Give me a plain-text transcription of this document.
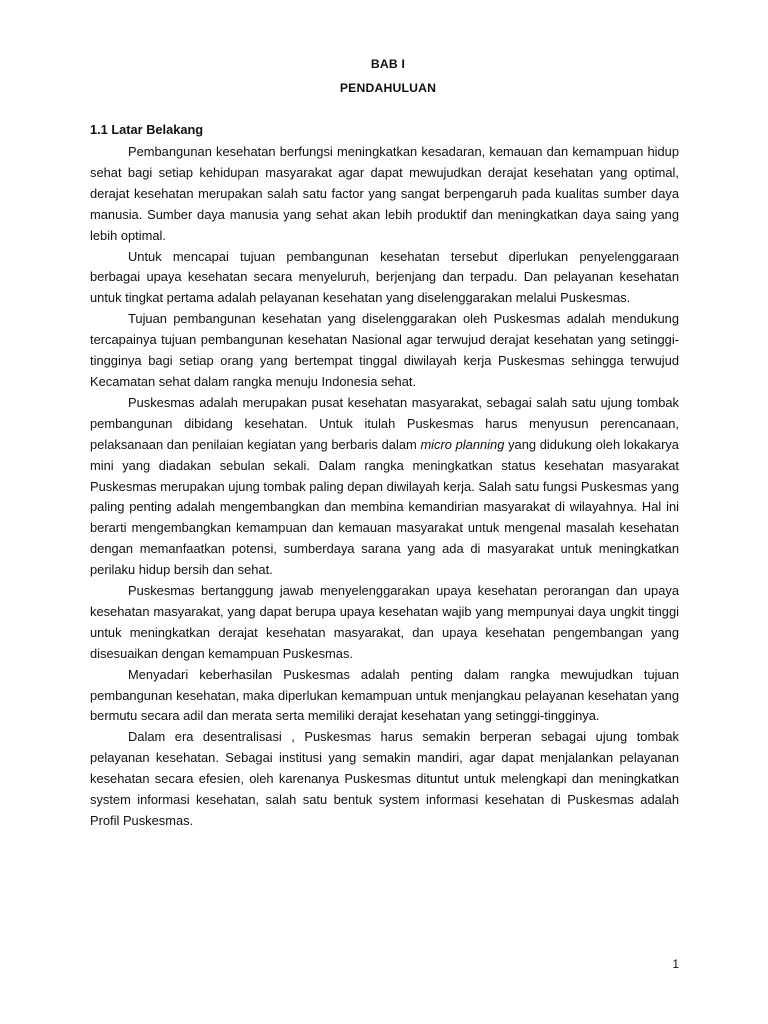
BAB I
PENDAHULUAN
1.1 Latar Belakang

Pembangunan kesehatan berfungsi meningkatkan kesadaran, kemauan dan kemampuan hidup sehat bagi setiap kehidupan masyarakat agar dapat mewujudkan derajat kesehatan yang optimal, derajat kesehatan merupakan salah satu factor yang sangat berpengaruh pada kualitas sumber daya manusia. Sumber daya manusia yang sehat akan lebih produktif dan meningkatkan daya saing yang lebih optimal.

Untuk mencapai tujuan pembangunan kesehatan tersebut diperlukan penyelenggaraan berbagai upaya kesehatan secara menyeluruh, berjenjang dan terpadu. Dan pelayanan kesehatan untuk tingkat pertama adalah pelayanan kesehatan yang diselenggarakan melalui Puskesmas.

Tujuan pembangunan kesehatan yang diselenggarakan oleh Puskesmas adalah mendukung tercapainya tujuan pembangunan kesehatan Nasional agar terwujud derajat kesehatan yang setinggi-tingginya bagi setiap orang yang bertempat tinggal diwilayah kerja Puskesmas sehingga terwujud Kecamatan sehat dalam rangka menuju Indonesia sehat.

Puskesmas adalah merupakan pusat kesehatan masyarakat, sebagai salah satu ujung tombak pembangunan dibidang kesehatan. Untuk itulah Puskesmas harus menyusun perencanaan, pelaksanaan dan penilaian kegiatan yang berbaris dalam micro planning yang didukung oleh lokakarya mini yang diadakan sebulan sekali. Dalam rangka meningkatkan status kesehatan masyarakat Puskesmas merupakan ujung tombak paling depan diwilayah kerja. Salah satu fungsi Puskesmas yang paling penting adalah mengembangkan dan membina kemandirian masyarakat di wilayahnya. Hal ini berarti mengembangkan kemampuan dan kemauan masyarakat untuk mengenal masalah kesehatan dengan memanfaatkan potensi, sumberdaya sarana yang ada di masyarakat untuk meningkatkan perilaku hidup bersih dan sehat.

Puskesmas bertanggung jawab menyelenggarakan upaya kesehatan perorangan dan upaya kesehatan masyarakat, yang dapat berupa upaya kesehatan wajib yang mempunyai daya ungkit tinggi untuk meningkatkan derajat kesehatan masyarakat, dan upaya kesehatan pengembangan yang disesuaikan dengan kemampuan Puskesmas.

Menyadari keberhasilan Puskesmas adalah penting dalam rangka mewujudkan tujuan pembangunan kesehatan, maka diperlukan kemampuan untuk menjangkau pelayanan kesehatan yang bermutu secara adil dan merata serta memiliki derajat kesehatan yang setinggi-tingginya.

Dalam era desentralisasi , Puskesmas harus semakin berperan sebagai ujung tombak pelayanan kesehatan. Sebagai institusi yang semakin mandiri, agar dapat menjalankan pelayanan kesehatan secara efesien, oleh karenanya Puskesmas dituntut untuk melengkapi dan meningkatkan system informasi kesehatan, salah satu bentuk system informasi kesehatan di Puskesmas adalah Profil Puskesmas.

1
